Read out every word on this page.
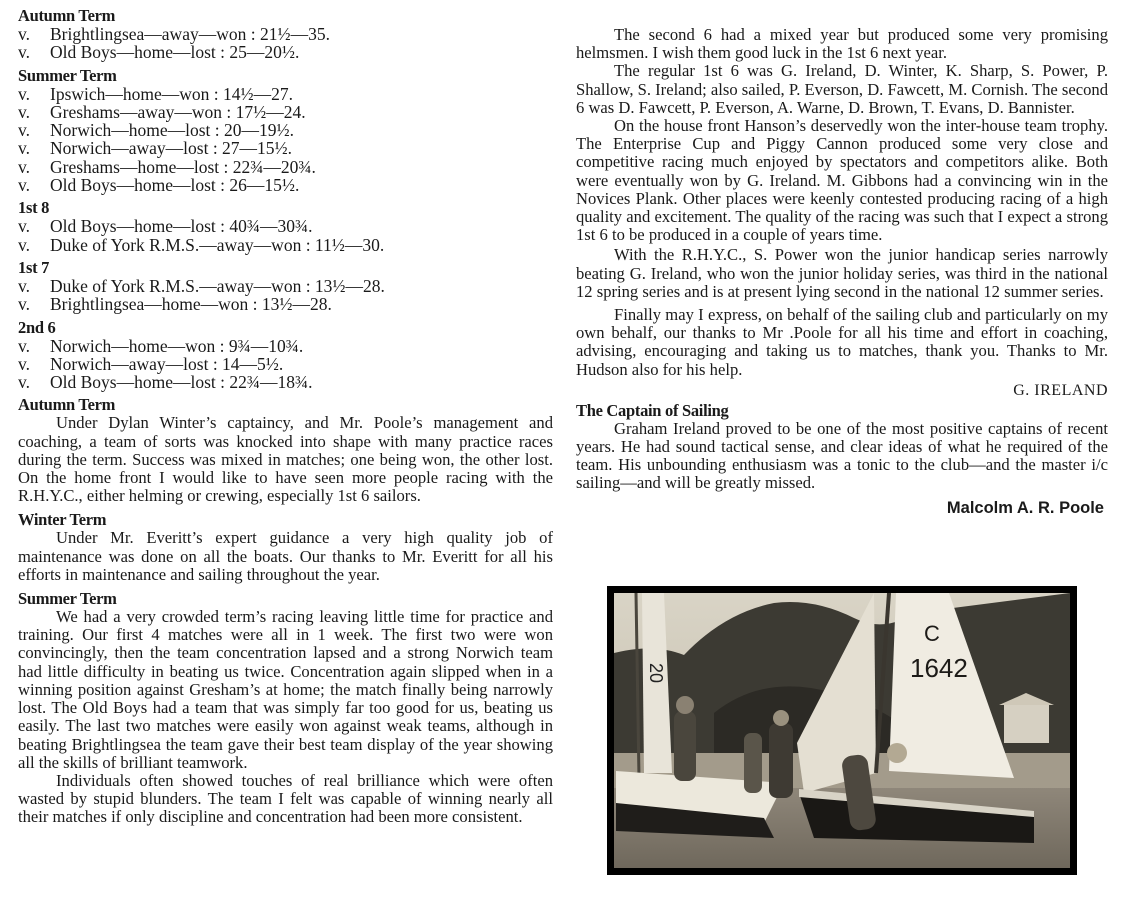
Autumn Term
v.	Brightlingsea—away—won : 21½—35.
v.	Old Boys—home—lost : 25—20½.
Summer Term
v.	Ipswich—home—won : 14½—27.
v.	Greshams—away—won : 17½—24.
v.	Norwich—home—lost : 20—19½.
v.	Norwich—away—lost : 27—15½.
v.	Greshams—home—lost : 22¾—20¾.
v.	Old Boys—home—lost : 26—15½.
1st 8
v.	Old Boys—home—lost : 40¾—30¾.
v.	Duke of York R.M.S.—away—won : 11½—30.
1st 7
v.	Duke of York R.M.S.—away—won : 13½—28.
v.	Brightlingsea—home—won : 13½—28.
2nd 6
v.	Norwich—home—won : 9¾—10¾.
v.	Norwich—away—lost : 14—5½.
v.	Old Boys—home—lost : 22¾—18¾.
Autumn Term

Under Dylan Winter’s captaincy, and Mr. Poole’s management and coaching, a team of sorts was knocked into shape with many practice races during the term. Success was mixed in matches; one being won, the other lost. On the home front I would like to have seen more people racing with the R.H.Y.C., either helming or crewing, especially 1st 6 sailors.

Winter Term

Under Mr. Everitt’s expert guidance a very high quality job of maintenance was done on all the boats. Our thanks to Mr. Everitt for all his efforts in maintenance and sailing throughout the year.

Summer Term

We had a very crowded term’s racing leaving little time for practice and training. Our first 4 matches were all in 1 week. The first two were won convincingly, then the team concentration lapsed and a strong Norwich team had little difficulty in beating us twice. Concentration again slipped when in a winning position against Gresham’s at home; the match finally being narrowly lost. The Old Boys had a team that was simply far too good for us, beating us easily. The last two matches were easily won against weak teams, although in beating Brightlingsea the team gave their best team display of the year showing all the skills of brilliant teamwork.

Individuals often showed touches of real brilliance which were often wasted by stupid blunders. The team I felt was capable of winning nearly all their matches if only discipline and concentration had been more consistent.

The second 6 had a mixed year but produced some very promising helmsmen. I wish them good luck in the 1st 6 next year.

The regular 1st 6 was G. Ireland, D. Winter, K. Sharp, S. Power, P. Shallow, S. Ireland; also sailed, P. Everson, D. Fawcett, M. Cornish. The second 6 was D. Fawcett, P. Everson, A. Warne, D. Brown, T. Evans, D. Bannister.

On the house front Hanson’s deservedly won the inter-house team trophy. The Enterprise Cup and Piggy Cannon produced some very close and competitive racing much enjoyed by spectators and competitors alike. Both were eventually won by G. Ireland. M. Gibbons had a convincing win in the Novices Plank. Other places were keenly contested producing racing of a high quality and excitement. The quality of the racing was such that I expect a strong 1st 6 to be produced in a couple of years time.

With the R.H.Y.C., S. Power won the junior handicap series narrowly beating G. Ireland, who won the junior holiday series, was third in the national 12 spring series and is at present lying second in the national 12 summer series.

Finally may I express, on behalf of the sailing club and particularly on my own behalf, our thanks to Mr .Poole for all his time and effort in coaching, advising, encouraging and taking us to matches, thank you. Thanks to Mr. Hudson also for his help.

G. IRELAND
The Captain of Sailing

Graham Ireland proved to be one of the most positive captains of recent years. He had sound tactical sense, and clear ideas of what he required of the team. His unbounding enthusiasm was a tonic to the club—and the master i/c sailing—and will be greatly missed.

Malcolm A. R. Poole
20
C
1642
